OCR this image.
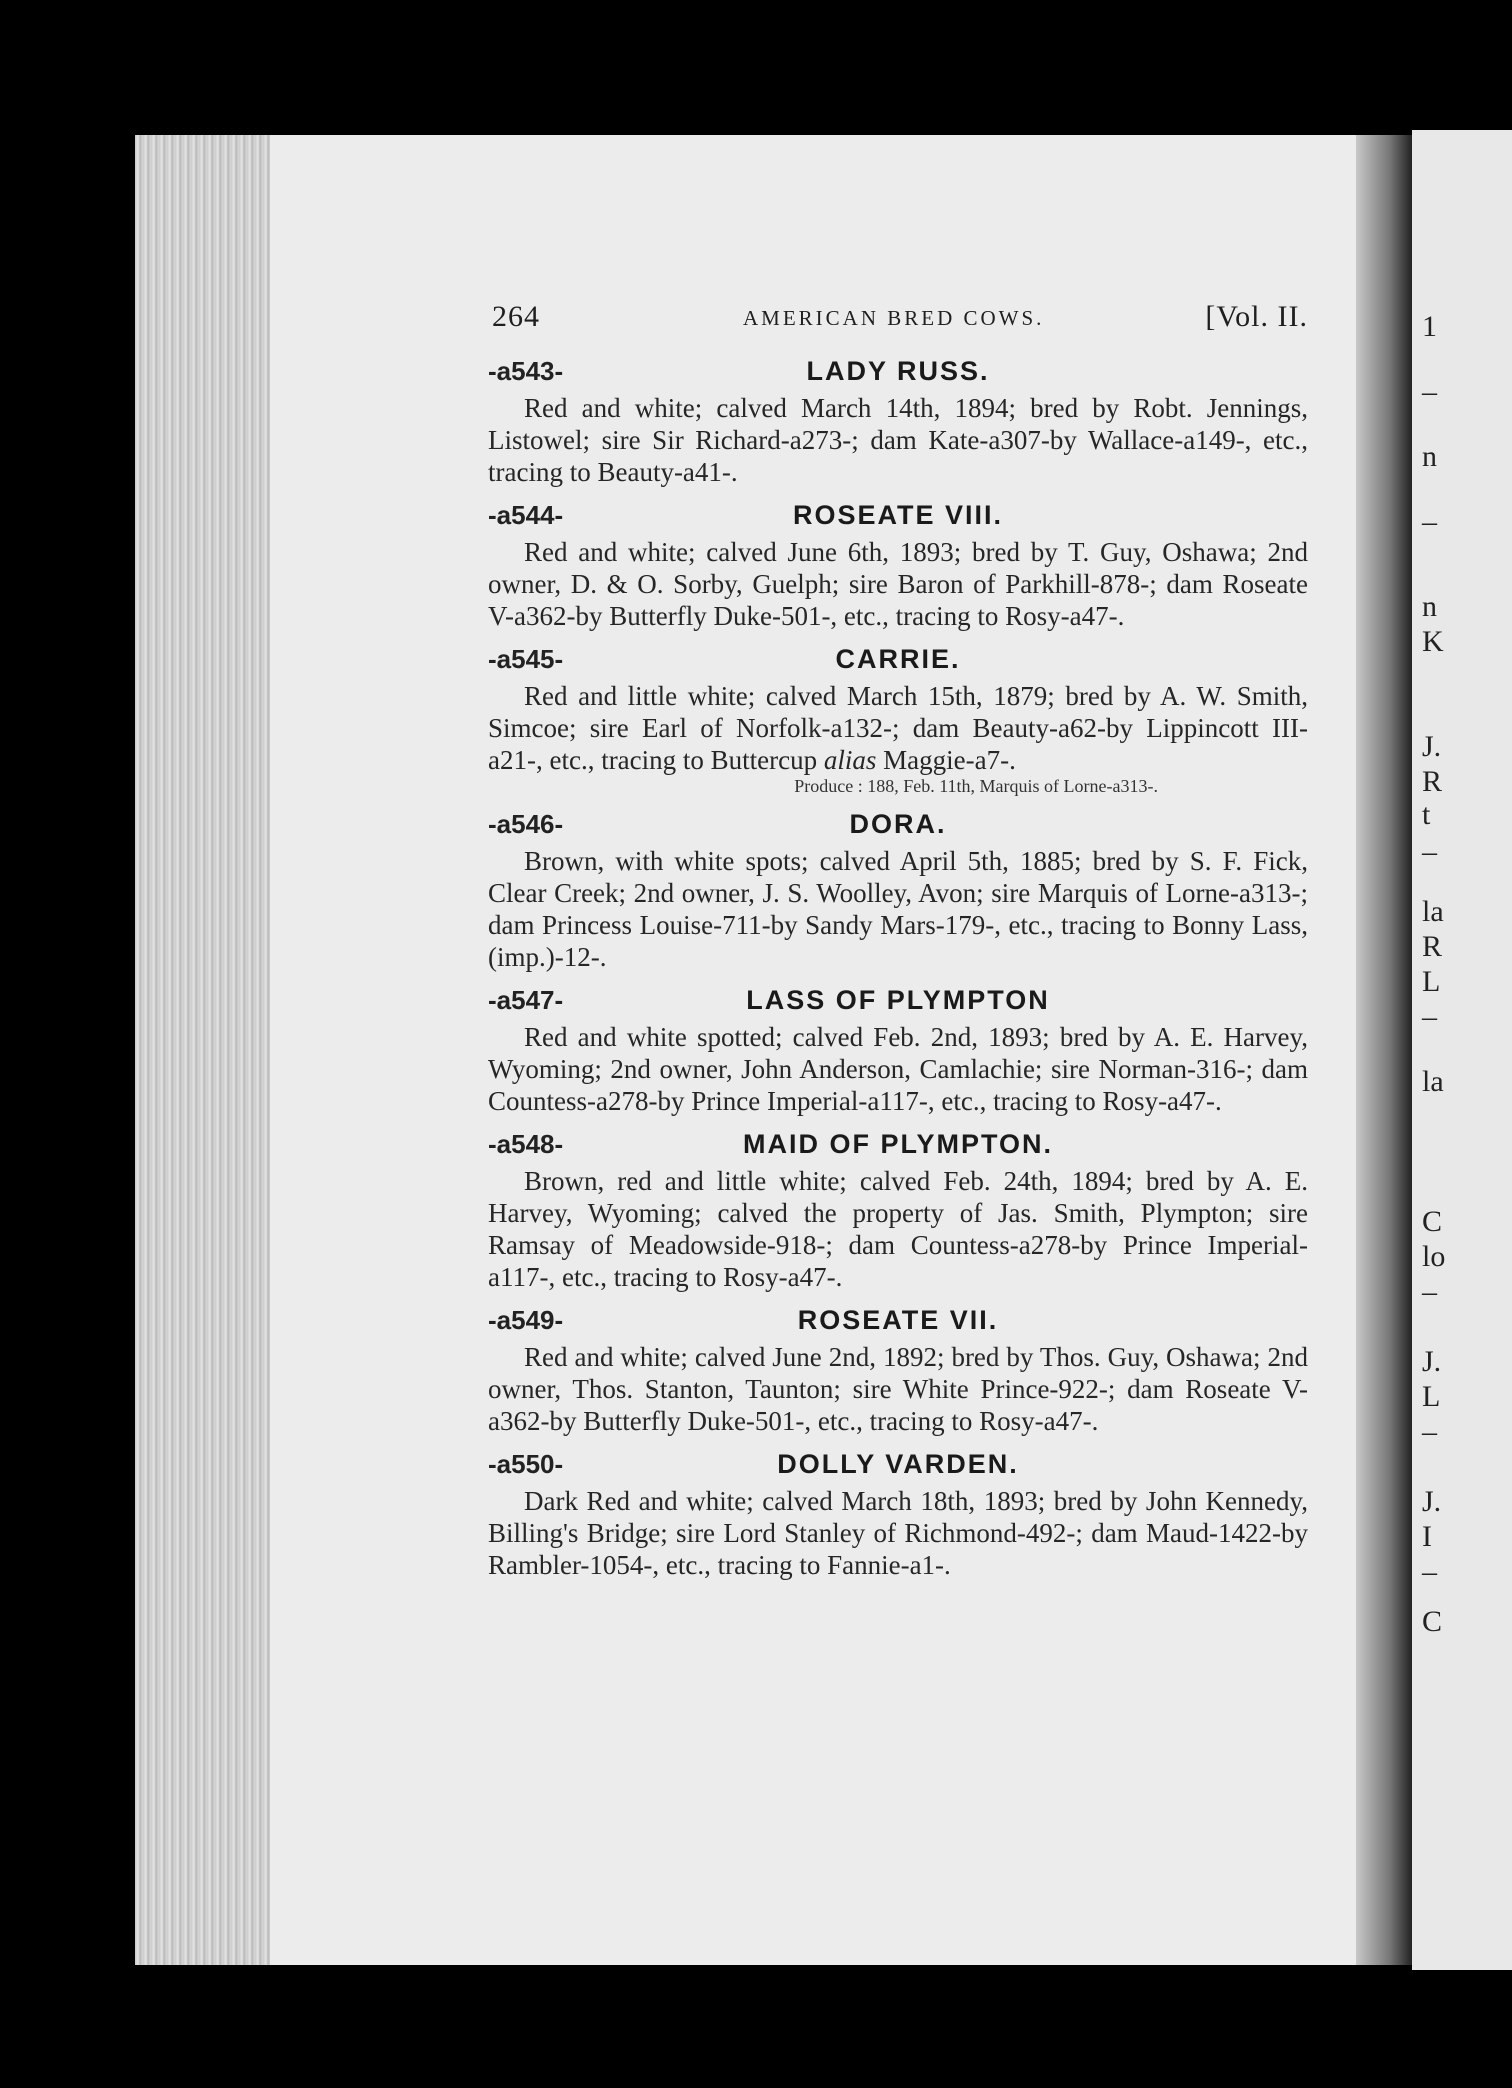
1
–
n
–
n
K
J.
R
t
–
la
R
L
–
la
C
lo
–
J.
L
–
J.
I
–
C
264	AMERICAN BRED COWS.	[Vol. II.
-a543-	LADY RUSS.

Red and white; calved March 14th, 1894; bred by Robt. Jennings, Listowel; sire Sir Richard-a273-; dam Kate-a307-by Wallace-a149-, etc., tracing to Beauty-a41-.

-a544-	ROSEATE VIII.

Red and white; calved June 6th, 1893; bred by T. Guy, Oshawa; 2nd owner, D. & O. Sorby, Guelph; sire Baron of Parkhill-878-; dam Roseate V-a362-by Butterfly Duke-501-, etc., tracing to Rosy-a47-.

-a545-	CARRIE.

Red and little white; calved March 15th, 1879; bred by A. W. Smith, Simcoe; sire Earl of Norfolk-a132-; dam Beauty-a62-by Lippincott III-a21-, etc., tracing to Buttercup alias Maggie-a7-.

Produce : 188, Feb. 11th, Marquis of Lorne-a313-.

-a546-	DORA.

Brown, with white spots; calved April 5th, 1885; bred by S. F. Fick, Clear Creek; 2nd owner, J. S. Woolley, Avon; sire Marquis of Lorne-a313-; dam Princess Louise-711-by Sandy Mars-179-, etc., tracing to Bonny Lass, (imp.)-12-.

-a547-	LASS OF PLYMPTON

Red and white spotted; calved Feb. 2nd, 1893; bred by A. E. Harvey, Wyoming; 2nd owner, John Anderson, Camlachie; sire Norman-316-; dam Countess-a278-by Prince Imperial-a117-, etc., tracing to Rosy-a47-.

-a548-	MAID OF PLYMPTON.

Brown, red and little white; calved Feb. 24th, 1894; bred by A. E. Harvey, Wyoming; calved the property of Jas. Smith, Plympton; sire Ramsay of Meadowside-918-; dam Countess-a278-by Prince Imperial-a117-, etc., tracing to Rosy-a47-.

-a549-	ROSEATE VII.

Red and white; calved June 2nd, 1892; bred by Thos. Guy, Oshawa; 2nd owner, Thos. Stanton, Taunton; sire White Prince-922-; dam Roseate V-a362-by Butterfly Duke-501-, etc., tracing to Rosy-a47-.

-a550-	DOLLY VARDEN.

Dark Red and white; calved March 18th, 1893; bred by John Kennedy, Billing's Bridge; sire Lord Stanley of Richmond-492-; dam Maud-1422-by Rambler-1054-, etc., tracing to Fannie-a1-.
